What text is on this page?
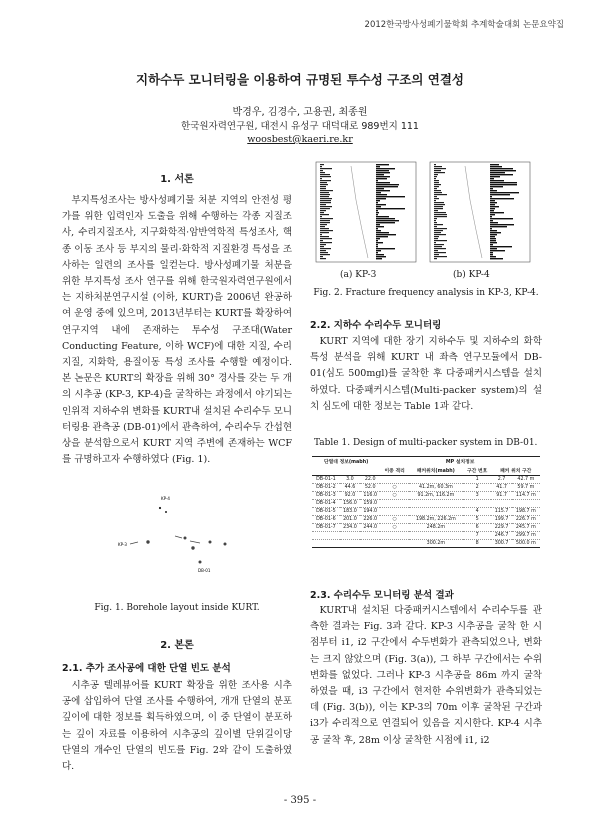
2012한국방사성폐기물학회 추계학술대회 논문요약집
지하수두 모니터링을 이용하여 규명된 투수성 구조의 연결성
박경우, 김경수, 고용권, 최종원
한국원자력연구원, 대전시 유성구 대덕대로 989번지 111
woosbest@kaeri.re.kr
1. 서론

부지특성조사는 방사성폐기물 처분 지역의 안전성 평가를 위한 입력인자 도출을 위해 수행하는 각종 지질조사, 수리지질조사, 지구화학적·암반역학적 특성조사, 핵종 이동 조사 등 부지의 물리·화학적 지질환경 특성을 조사하는 일련의 조사를 일컫는다. 방사성폐기물 처분을 위한 부지특성 조사 연구를 위해 한국원자력연구원에서는 지하처분연구시설 (이하, KURT)을 2006년 완공하여 운영 중에 있으며, 2013년부터는 KURT를 확장하여 연구지역 내에 존재하는 투수성 구조대(Water Conducting Feature, 이하 WCF)에 대한 지질, 수리지질, 지화학, 용질이동 특성 조사를 수행할 예정이다. 본 논문은 KURT의 확장을 위해 30° 경사를 갖는 두 개의 시추공 (KP-3, KP-4)을 굴착하는 과정에서 야기되는 인위적 지하수위 변화를 KURT내 설치된 수리수두 모니터링용 관측공 (DB-01)에서 관측하여, 수리수두 간섭현상을 분석함으로서 KURT 지역 주변에 존재하는 WCF를 규명하고자 수행하였다 (Fig. 1).

KP-4
KP-3
DB-01
Fig. 1. Borehole layout inside KURT.
2. 본론
2.1. 추가 조사공에 대한 단열 빈도 분석

시추공 텔레뷰어를 KURT 확장을 위한 조사용 시추공에 삽입하여 단열 조사를 수행하여, 개개 단열의 분포 깊이에 대한 정보를 획득하였으며, 이 중 단열이 분포하는 깊이 자료를 이용하여 시추공의 깊이별 단위길이당 단열의 개수인 단열의 빈도를 Fig. 2와 같이 도출하였다.

(a) KP-3	(b) KP-4
Fig. 2. Fracture frequency analysis in KP-3, KP-4.
2.2. 지하수 수리수두 모니터링

KURT 지역에 대한 장기 지하수두 및 지하수의 화학 특성 분석을 위해 KURT 내 좌측 연구모듈에서 DB-01(심도 500mgl)를 굴착한 후 다중패커시스템을 설치하였다. 다중패커시스템(Multi-packer system)의 설치 심도에 대한 정보는 Table 1과 같다.

Table 1. Design of multi-packer system in DB-01.
단열대 정보(mabh)			MP 설치정보				
			이중 격리	패커위치(mabh)	구간 번호	패커 위치 구간	
DB-01-1	3.0	22.0			1	2.7	42.7 m
DB-01-2	44.6	52.0	○	41.2m, 60.3m	2	41.7	59.7 m
DB-01-3	92.0	116.0	○	91.2m, 116.2m	3	91.7	114.7 m
DB-01-4	156.0	159.0					
DB-01-5	183.0	194.0			4	115.7	198.7 m
DB-01-6	201.0	226.0	○	198.2m, 226.2m	5	199.7	226.7 m
DB-01-7	234.0	244.0	○	248.2m	6	229.7	245.7 m
					7	246.7	299.7 m
				300.2m	8	300.7	500.0 m
2.3. 수리수두 모니터링 분석 결과

KURT내 설치된 다중패커시스템에서 수리수두를 관측한 결과는 Fig. 3과 같다. KP-3 시추공을 굴착 한 시점부터 i1, i2 구간에서 수두변화가 관측되었으나, 변화는 크지 않았으며 (Fig. 3(a)), 그 하부 구간에서는 수위 변화를 없었다. 그러나 KP-3 시추공을 86m 까지 굴착하였을 때, i3 구간에서 현저한 수위변화가 관측되었는데 (Fig. 3(b)), 이는 KP-3의 70m 이후 굴착된 구간과 i3가 수리적으로 연결되어 있음을 지시한다. KP-4 시추공 굴착 후, 28m 이상 굴착한 시점에 i1, i2

- 395 -
